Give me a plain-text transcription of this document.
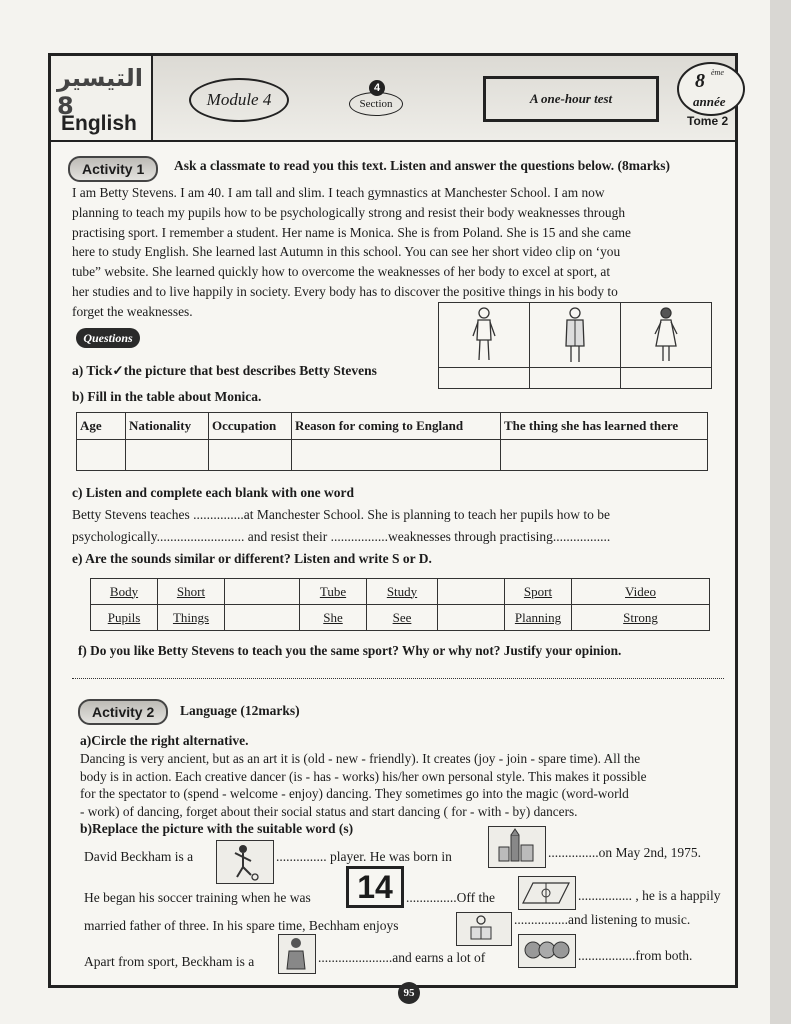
التيسير 8
English
Module 4	Section
4
A one-hour test
8 ème
année
Tome 2
Activity 1	Ask a classmate to read you this text. Listen and answer the questions below. (8marks)
I am Betty Stevens. I am 40. I am tall and slim. I teach gymnastics at Manchester School. I am now
planning to teach my pupils how to be psychologically strong and resist their body weaknesses through
practising sport. I remember a student. Her name is Monica. She is from Poland. She is 15 and she came
here to study English. She learned last Autumn in this school. You can see her short video clip on ‘you
tube” website. She learned quickly how to overcome the weaknesses of her body to excel at sport, at
her studies and to live happily in society. Every body has to discover the positive things in his body to
forget the weaknesses.
Questions

a) Tick✓the picture that best describes Betty Stevens
b) Fill in the table about Monica.
Age	Nationality	Occupation	Reason for coming to England	The thing she has learned there

c) Listen and complete each blank with one word
Betty Stevens teaches ...............at Manchester School. She is planning to teach her pupils how to be
psychologically.......................... and resist their .................weaknesses through practising.................
e) Are the sounds similar or different? Listen and write S or D.
Body	Short		Tube	Study		Sport	Video
Pupils	Things		She	See		Planning	Strong
f) Do you like Betty Stevens to teach you the same sport? Why or why not? Justify your opinion.
Activity 2	Language (12marks)
a)Circle the right alternative.
Dancing is very ancient, but as an art it is (old - new - friendly). It creates (joy - join - spare time). All the
body is in action. Each creative dancer (is - has - works) his/her own personal style. This makes it possible
for the spectator to (spend - welcome - enjoy) dancing. They sometimes go into the magic (word-world
- work) of dancing, forget about their social status and start dancing ( for - with - by) dancers.
b)Replace the picture with the suitable word (s)
David Beckham is a	............... player. He was born in	...............on May 2nd, 1975.
He began his soccer training when he was	14 ...............Off the	................ , he is a happily
married father of three. In his spare time, Bechham enjoys	................and listening to music.
Apart from sport, Beckham is a	......................and earns a lot of	.................from both.
95
